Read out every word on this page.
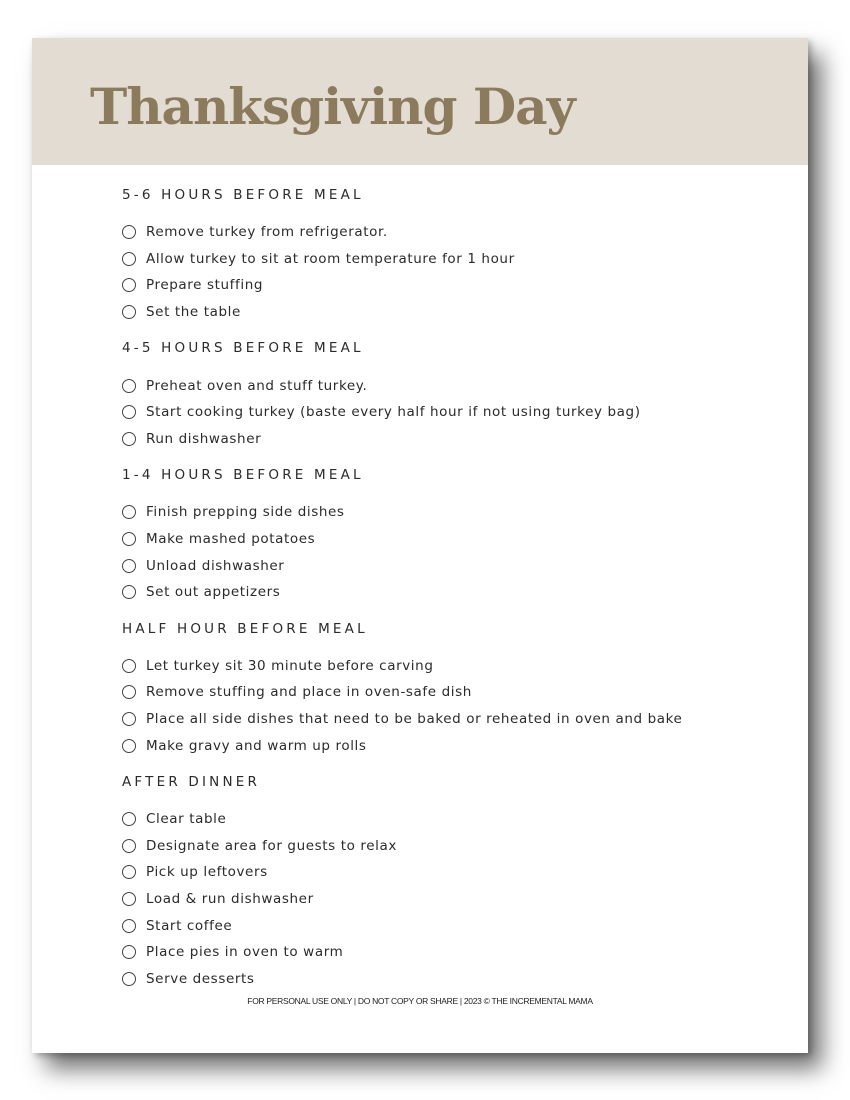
Thanksgiving Day
5-6 HOURS BEFORE MEAL
Remove turkey from refrigerator.
Allow turkey to sit at room temperature for 1 hour
Prepare stuffing
Set the table
4-5 HOURS BEFORE MEAL
Preheat oven and stuff turkey.
Start cooking turkey (baste every half hour if not using turkey bag)
Run dishwasher
1-4 HOURS BEFORE MEAL
Finish prepping side dishes
Make mashed potatoes
Unload dishwasher
Set out appetizers
HALF HOUR BEFORE MEAL
Let turkey sit 30 minute before carving
Remove stuffing and place in oven-safe dish
Place all side dishes that need to be baked or reheated in oven and bake
Make gravy and warm up rolls
AFTER DINNER
Clear table
Designate area for guests to relax
Pick up leftovers
Load & run dishwasher
Start coffee
Place pies in oven to warm
Serve desserts
FOR PERSONAL USE ONLY | DO NOT COPY OR SHARE | 2023 © THE INCREMENTAL MAMA
